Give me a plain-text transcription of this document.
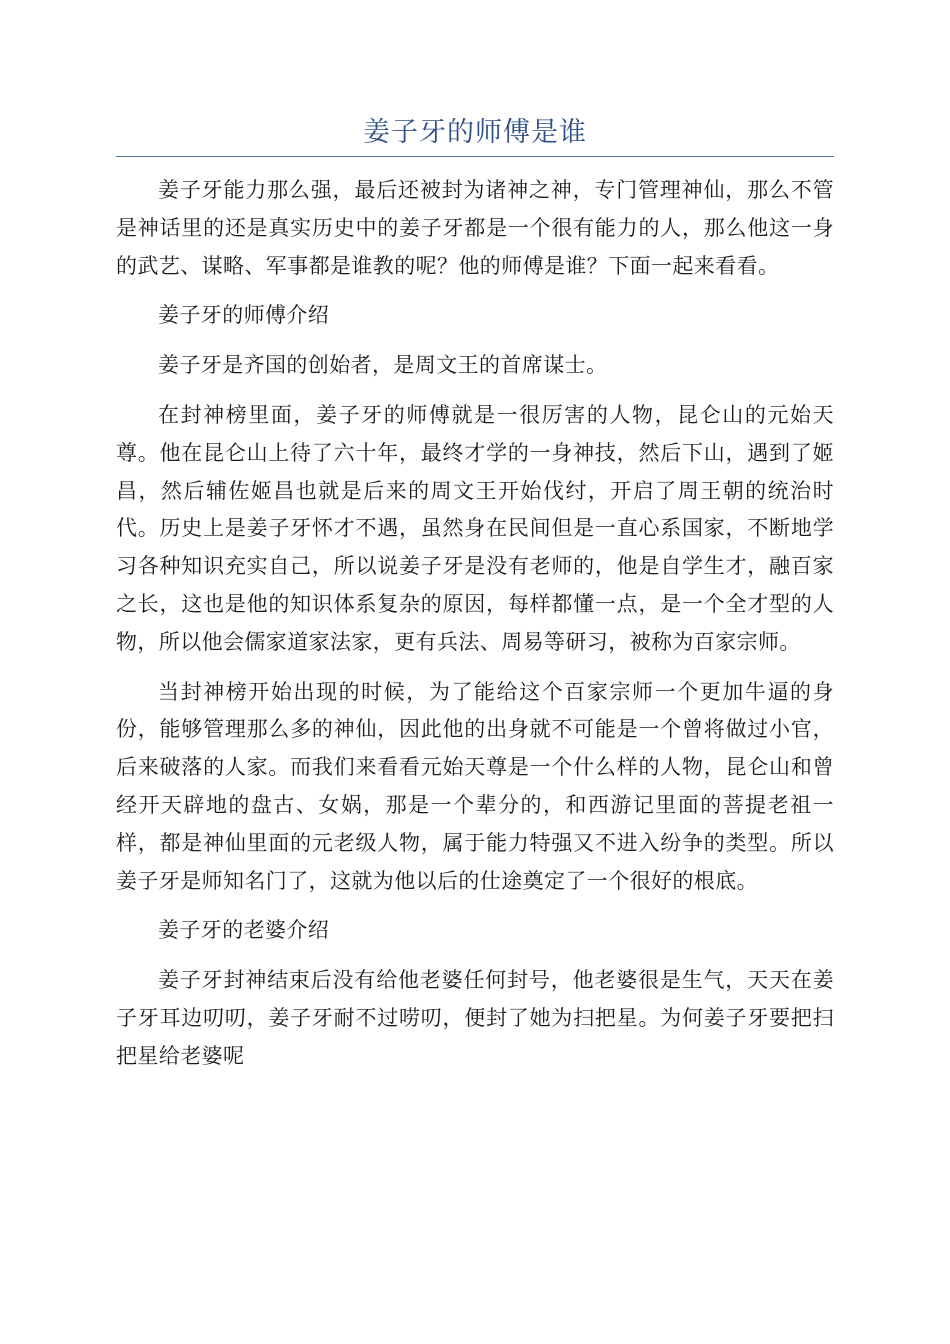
姜子牙的师傅是谁

姜子牙能力那么强，最后还被封为诸神之神，专门管理神仙，那么不管是神话里的还是真实历史中的姜子牙都是一个很有能力的人，那么他这一身的武艺、谋略、军事都是谁教的呢？他的师傅是谁？下面一起来看看。

姜子牙的师傅介绍

姜子牙是齐国的创始者，是周文王的首席谋士。

在封神榜里面，姜子牙的师傅就是一很厉害的人物，昆仑山的元始天尊。他在昆仑山上待了六十年，最终才学的一身神技，然后下山，遇到了姬昌，然后辅佐姬昌也就是后来的周文王开始伐纣，开启了周王朝的统治时代。历史上是姜子牙怀才不遇，虽然身在民间但是一直心系国家，不断地学习各种知识充实自己，所以说姜子牙是没有老师的，他是自学生才，融百家之长，这也是他的知识体系复杂的原因，每样都懂一点，是一个全才型的人物，所以他会儒家道家法家，更有兵法、周易等研习，被称为百家宗师。

当封神榜开始出现的时候，为了能给这个百家宗师一个更加牛逼的身份，能够管理那么多的神仙，因此他的出身就不可能是一个曾将做过小官，后来破落的人家。而我们来看看元始天尊是一个什么样的人物，昆仑山和曾经开天辟地的盘古、女娲，那是一个辈分的，和西游记里面的菩提老祖一样，都是神仙里面的元老级人物，属于能力特强又不进入纷争的类型。所以姜子牙是师知名门了，这就为他以后的仕途奠定了一个很好的根底。

姜子牙的老婆介绍

姜子牙封神结束后没有给他老婆任何封号，他老婆很是生气，天天在姜子牙耳边叨叨，姜子牙耐不过唠叨，便封了她为扫把星。为何姜子牙要把扫把星给老婆呢
